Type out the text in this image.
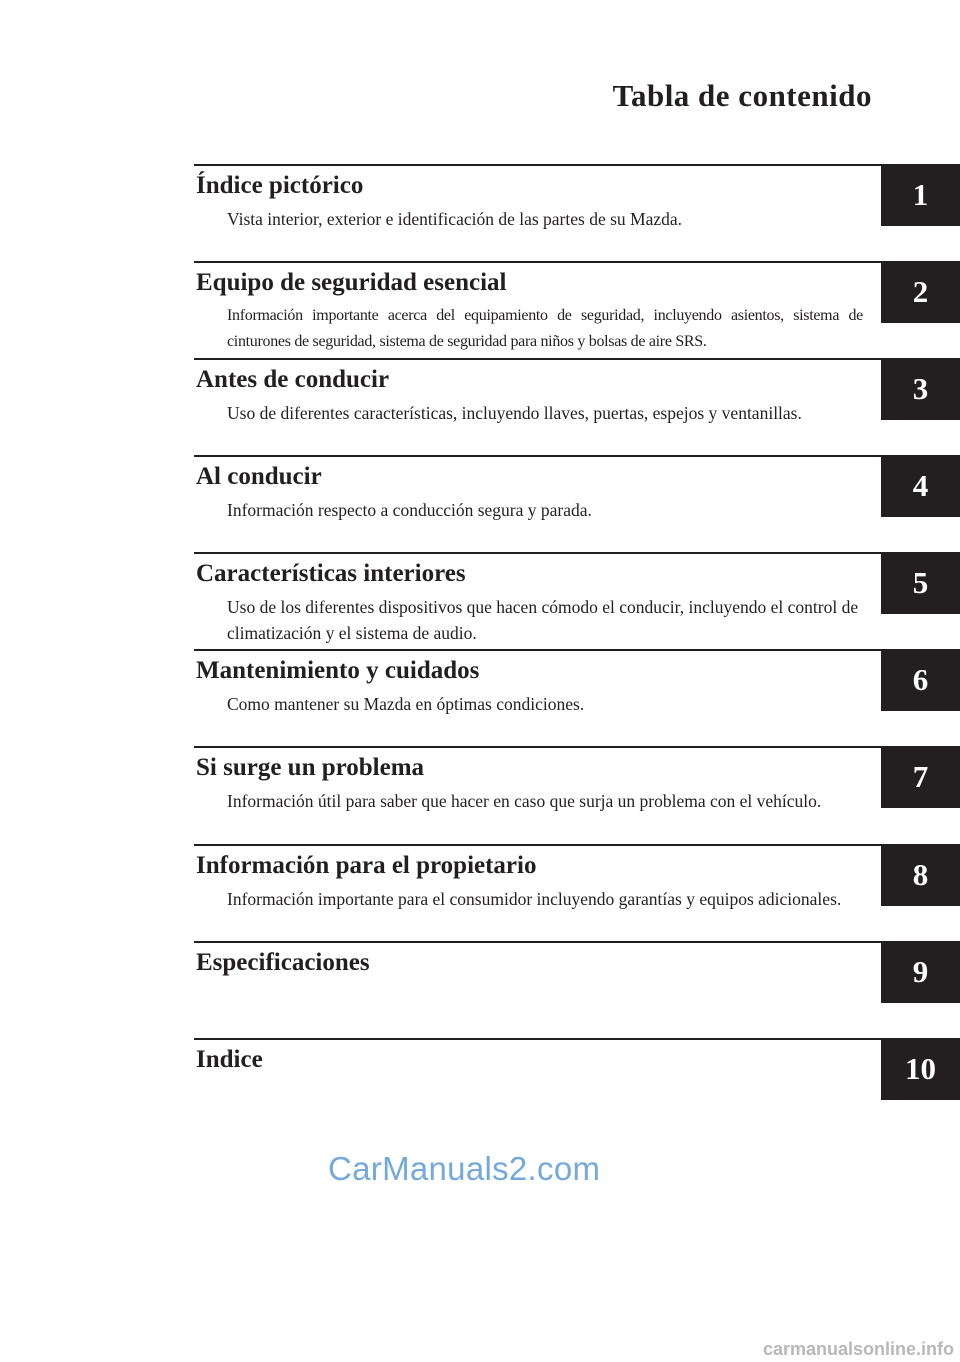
Tabla de contenido
Índice pictórico

Vista interior, exterior e identificación de las partes de su Mazda.

1
Equipo de seguridad esencial

Información importante acerca del equipamiento de seguridad, incluyendo asientos, sistema de cinturones de seguridad, sistema de seguridad para niños y bolsas de aire SRS.

2
Antes de conducir

Uso de diferentes características, incluyendo llaves, puertas, espejos y ventanillas.

3
Al conducir

Información respecto a conducción segura y parada.

4
Características interiores

Uso de los diferentes dispositivos que hacen cómodo el conducir, incluyendo el control de climatización y el sistema de audio.

5
Mantenimiento y cuidados

Como mantener su Mazda en óptimas condiciones.

6
Si surge un problema

Información útil para saber que hacer en caso que surja un problema con el vehículo.

7
Información para el propietario

Información importante para el consumidor incluyendo garantías y equipos adicionales.

8
Especificaciones	9
Indice	10
CarManuals2.com
carmanualsonline.info
